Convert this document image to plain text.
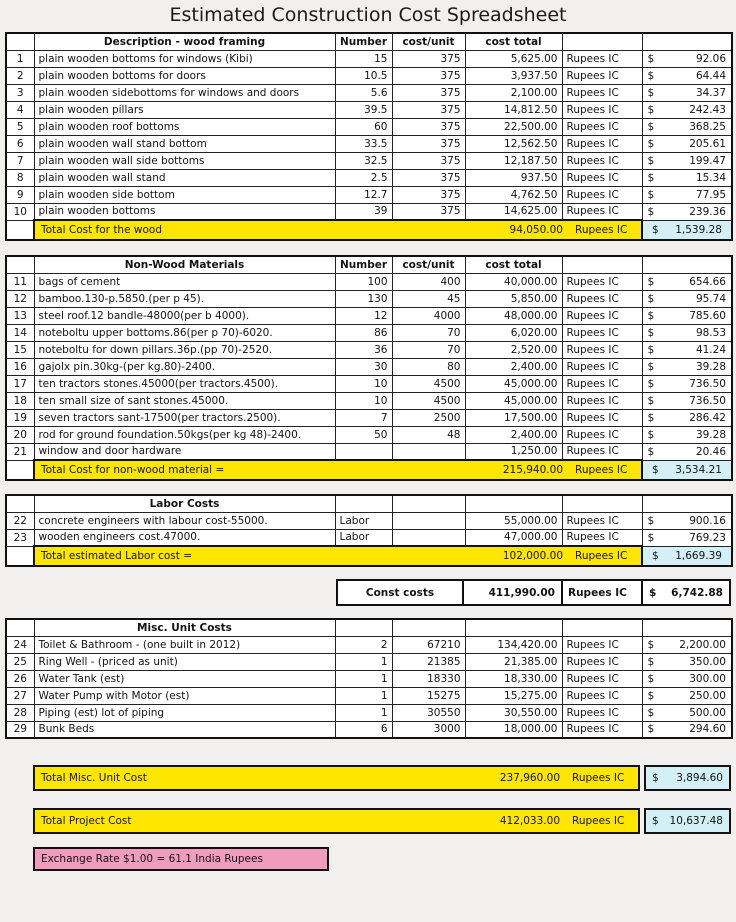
Estimated Construction Cost Spreadsheet
	Description - wood framing	Number	cost/unit	cost total		
1	plain wooden bottoms for windows (Kibi)	15	375	5,625.00	Rupees IC	$ 92.06

2	plain wooden bottoms for doors	10.5	375	3,937.50	Rupees IC	$ 64.44

3	plain wooden sidebottoms for windows and doors	5.6	375	2,100.00	Rupees IC	$ 34.37

4	plain wooden pillars	39.5	375	14,812.50	Rupees IC	$ 242.43

5	plain wooden roof bottoms	60	375	22,500.00	Rupees IC	$ 368.25

6	plain wooden wall stand bottom	33.5	375	12,562.50	Rupees IC	$ 205.61

7	plain wooden wall side bottoms	32.5	375	12,187.50	Rupees IC	$ 199.47

8	plain wooden wall stand	2.5	375	937.50	Rupees IC	$ 15.34

9	plain wooden side bottom	12.7	375	4,762.50	Rupees IC	$ 77.95

10	plain wooden bottoms	39	375	14,625.00	Rupees IC	$ 239.36

	Total Cost for the wood 94,050.00 Rupees IC					$ 1,539.28
	Non-Wood Materials	Number	cost/unit	cost total		
11	bags of cement	100	400	40,000.00	Rupees IC	$ 654.66

12	bamboo.130-p.5850.(per p 45).	130	45	5,850.00	Rupees IC	$ 95.74

13	steel roof.12 bandle-48000(per b 4000).	12	4000	48,000.00	Rupees IC	$ 785.60

14	noteboltu upper bottoms.86(per p 70)-6020.	86	70	6,020.00	Rupees IC	$ 98.53

15	noteboltu for down pillars.36p.(pp 70)-2520.	36	70	2,520.00	Rupees IC	$ 41.24

16	gajolx pin.30kg-(per kg.80)-2400.	30	80	2,400.00	Rupees IC	$ 39.28

17	ten tractors stones.45000(per tractors.4500).	10	4500	45,000.00	Rupees IC	$ 736.50

18	ten small size of sant stones.45000.	10	4500	45,000.00	Rupees IC	$ 736.50

19	seven tractors sant-17500(per tractors.2500).	7	2500	17,500.00	Rupees IC	$ 286.42

20	rod for ground foundation.50kgs(per kg 48)-2400.	50	48	2,400.00	Rupees IC	$ 39.28

21	window and door hardware			1,250.00	Rupees IC	$ 20.46

	Total Cost for non-wood material = 215,940.00 Rupees IC					$ 3,534.21
	Labor Costs					
22	concrete engineers with labour cost-55000.	Labor		55,000.00	Rupees IC	$ 900.16

23	wooden engineers cost.47000.	Labor		47,000.00	Rupees IC	$ 769.23

	Total estimated Labor cost = 102,000.00 Rupees IC					$ 1,669.39
Const costs	411,990.00	Rupees IC	$ 6,742.88
	Misc. Unit Costs					
24	Toilet & Bathroom - (one built in 2012)	2	67210	134,420.00	Rupees IC	$ 2,200.00

25	Ring Well - (priced as unit)	1	21385	21,385.00	Rupees IC	$ 350.00

26	Water Tank (est)	1	18330	18,330.00	Rupees IC	$ 300.00

27	Water Pump with Motor (est)	1	15275	15,275.00	Rupees IC	$ 250.00

28	Piping (est) lot of piping	1	30550	30,550.00	Rupees IC	$ 500.00

29	Bunk Beds	6	3000	18,000.00	Rupees IC	$ 294.60
Total Misc. Unit Cost	237,960.00	Rupees IC	$ 3,894.60
Total Project Cost	412,033.00	Rupees IC	$ 10,637.48
Exchange Rate $1.00 = 61.1 India Rupees
